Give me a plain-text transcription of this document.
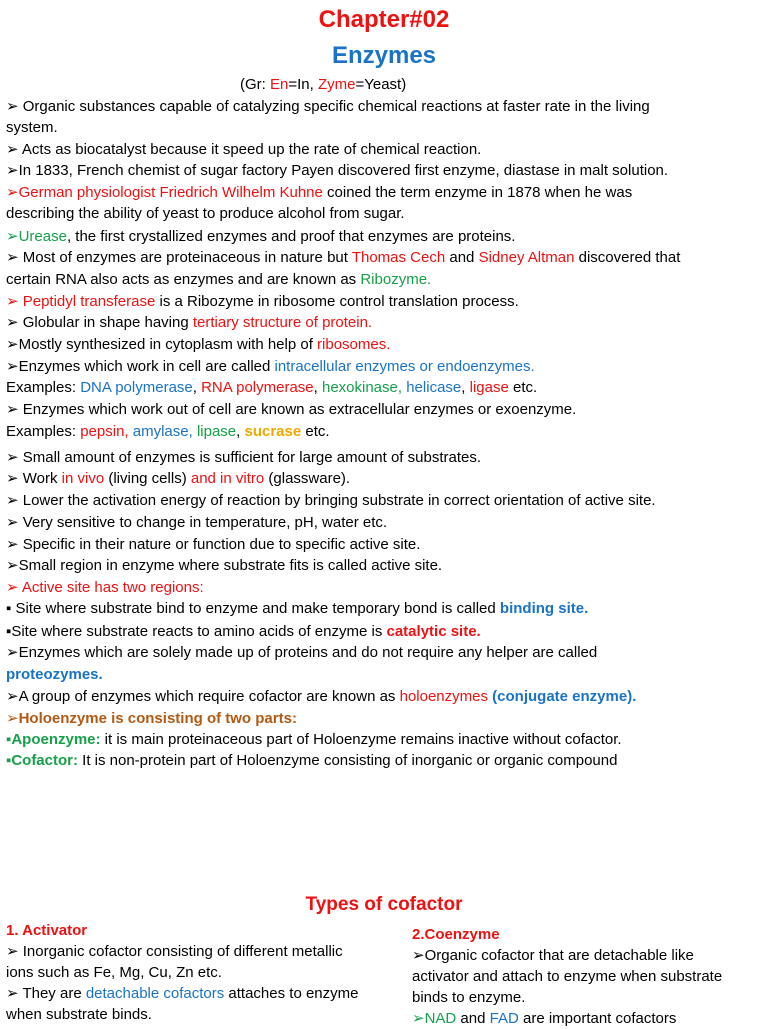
Chapter#02
Enzymes
(Gr: En=In, Zyme=Yeast)
➢ Organic substances capable of catalyzing specific chemical reactions at faster rate in the living
system.
➢ Acts as biocatalyst because it speed up the rate of chemical reaction.
➢In 1833, French chemist of sugar factory Payen discovered first enzyme, diastase in malt solution.
➢German physiologist Friedrich Wilhelm Kuhne coined the term enzyme in 1878 when he was
describing the ability of yeast to produce alcohol from sugar.
➢Urease, the first crystallized enzymes and proof that enzymes are proteins.
➢ Most of enzymes are proteinaceous in nature but Thomas Cech and Sidney Altman discovered that
certain RNA also acts as enzymes and are known as Ribozyme.
➢ Peptidyl transferase is a Ribozyme in ribosome control translation process.
➢ Globular in shape having tertiary structure of protein.
➢Mostly synthesized in cytoplasm with help of ribosomes.
➢Enzymes which work in cell are called intracellular enzymes or endoenzymes.
Examples: DNA polymerase, RNA polymerase, hexokinase, helicase, ligase etc.
➢ Enzymes which work out of cell are known as extracellular enzymes or exoenzyme.
Examples: pepsin, amylase, lipase, sucrase etc.
➢ Small amount of enzymes is sufficient for large amount of substrates.
➢ Work in vivo (living cells) and in vitro (glassware).
➢ Lower the activation energy of reaction by bringing substrate in correct orientation of active site.
➢ Very sensitive to change in temperature, pH, water etc.
➢ Specific in their nature or function due to specific active site.
➢Small region in enzyme where substrate fits is called active site.
➢ Active site has two regions:
▪ Site where substrate bind to enzyme and make temporary bond is called binding site.
▪Site where substrate reacts to amino acids of enzyme is catalytic site.
➢Enzymes which are solely made up of proteins and do not require any helper are called
proteozymes.
➢A group of enzymes which require cofactor are known as holoenzymes (conjugate enzyme).
➢Holoenzyme is consisting of two parts:
▪Apoenzyme: it is main proteinaceous part of Holoenzyme remains inactive without cofactor.
▪Cofactor: It is non-protein part of Holoenzyme consisting of inorganic or organic compound
Types of cofactor
1. Activator
➢ Inorganic cofactor consisting of different metallic
ions such as Fe, Mg, Cu, Zn etc.
➢ They are detachable cofactors attaches to enzyme
when substrate binds.
2.Coenzyme
➢Organic cofactor that are detachable like
activator and attach to enzyme when substrate
binds to enzyme.
➢NAD and FAD are important cofactors
